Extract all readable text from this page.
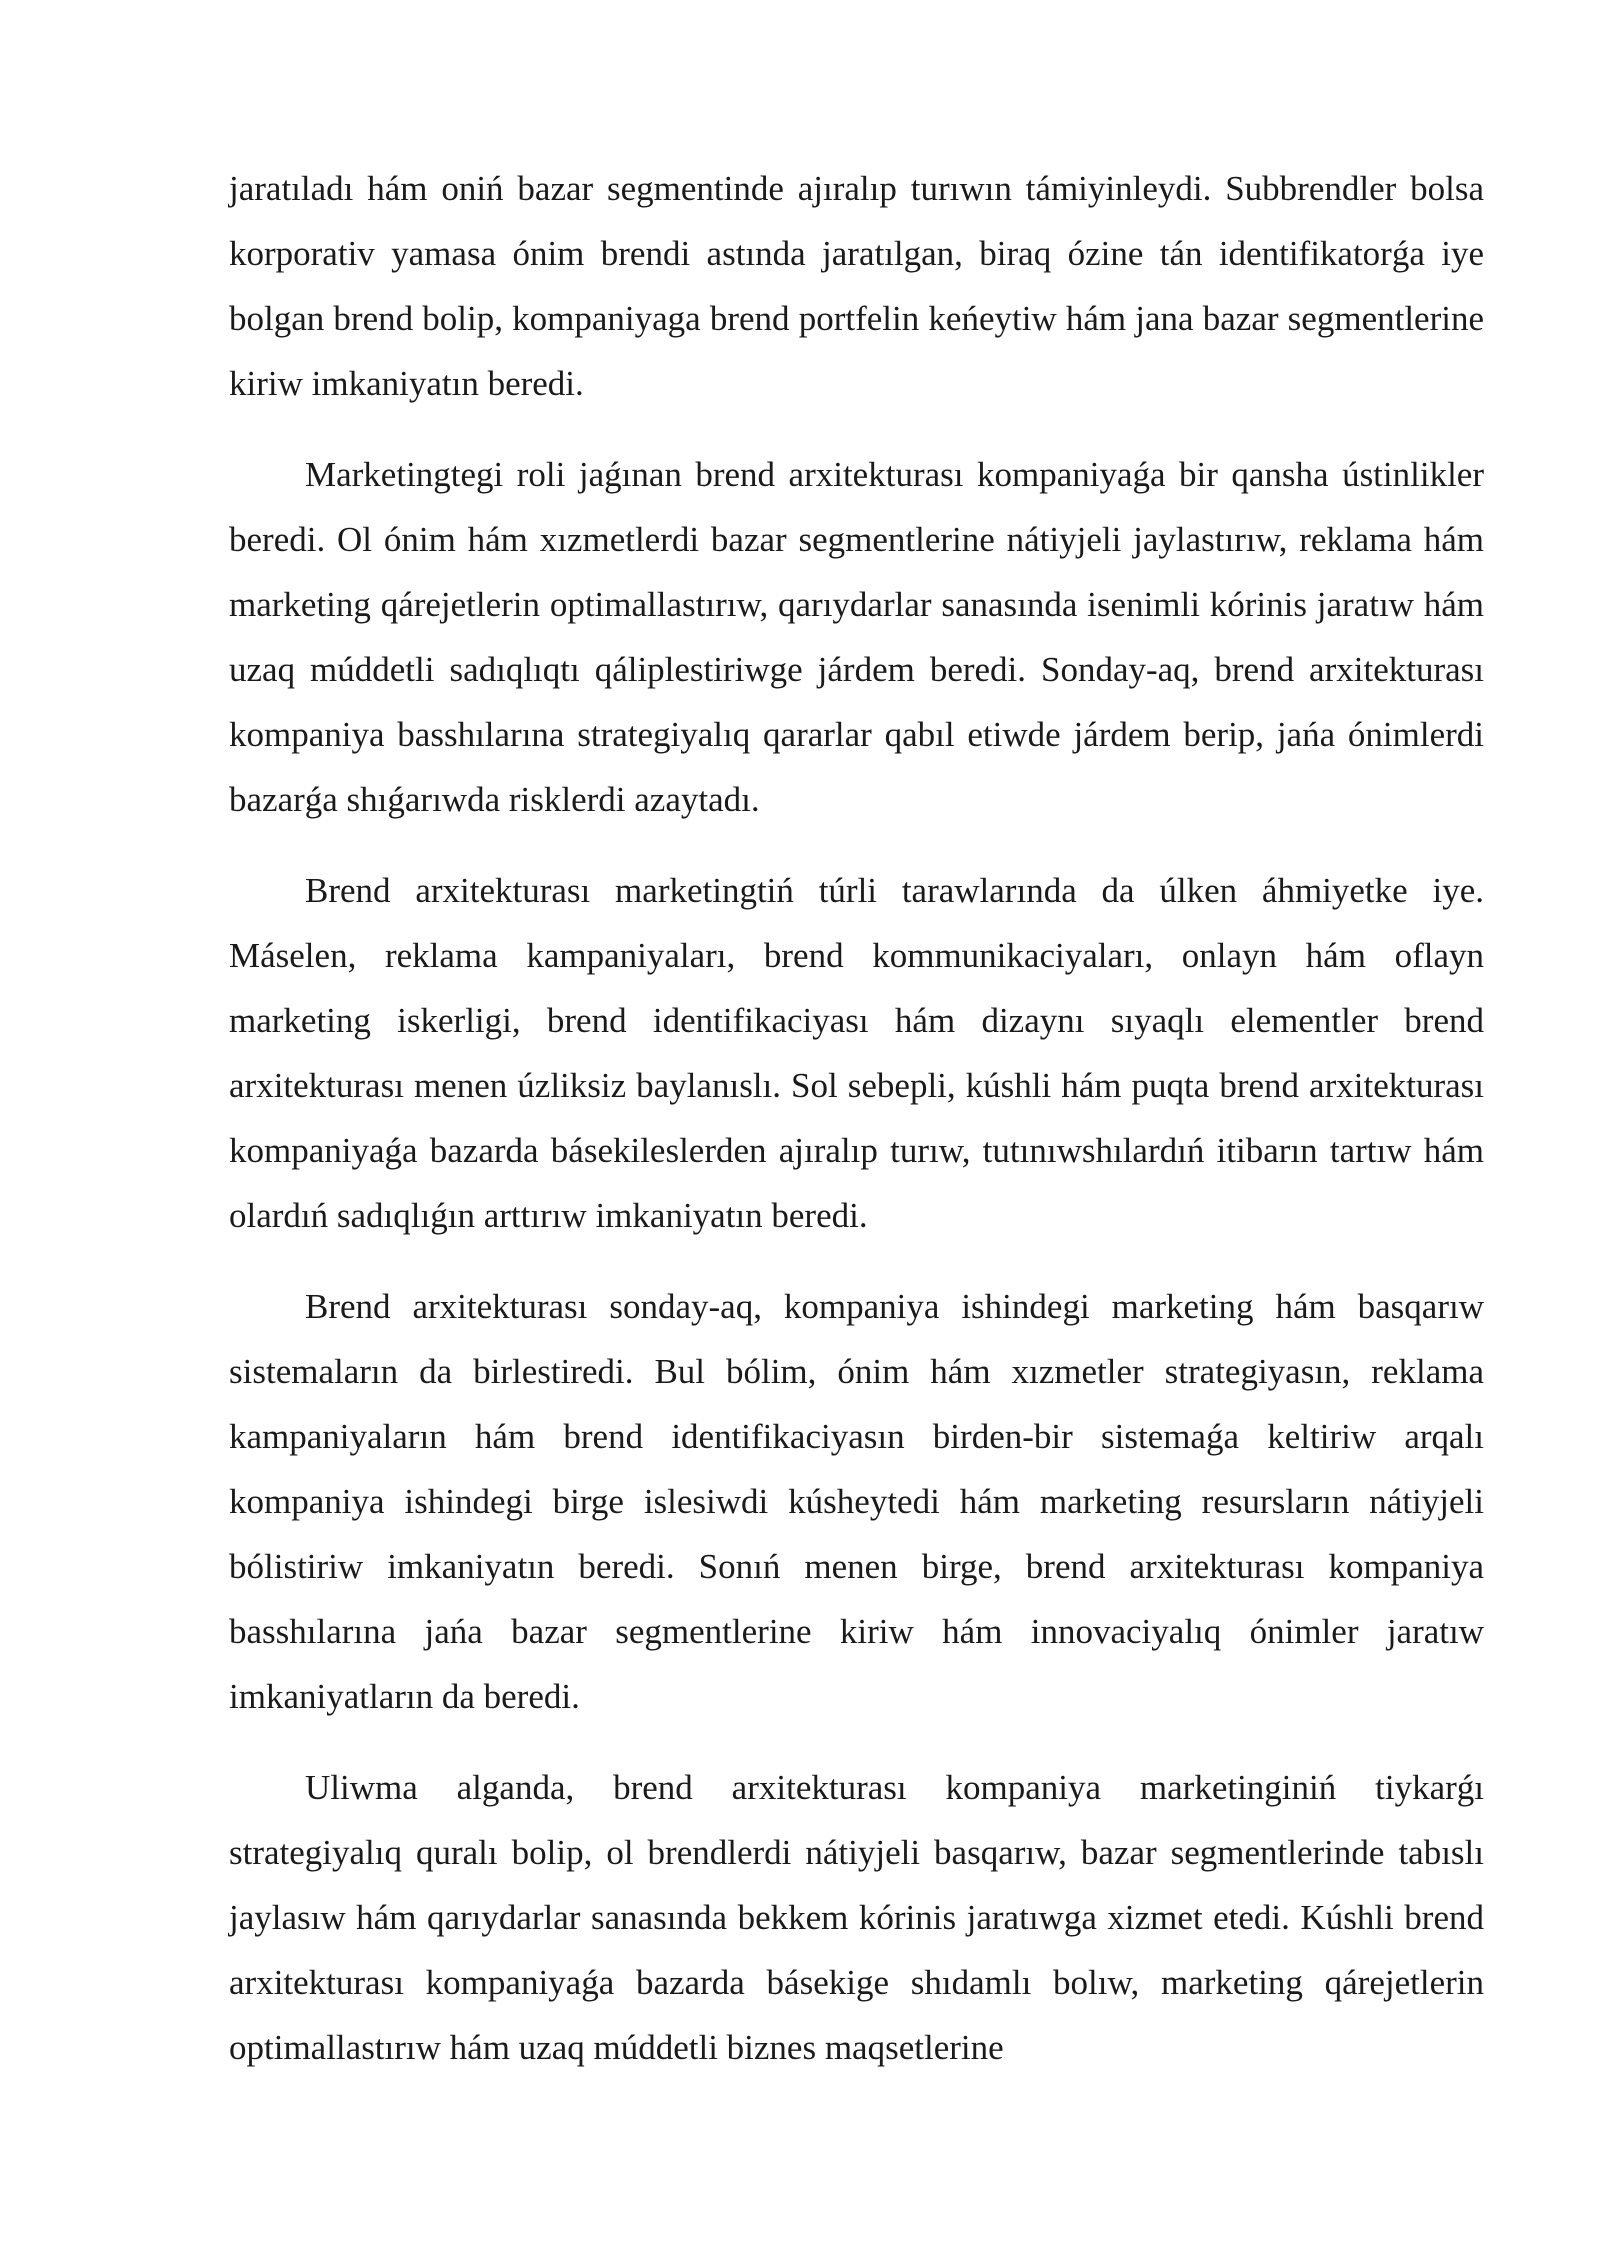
jaratıladı hám oniń bazar segmentinde ajıralıp turıwın támiyinleydi. Subbrendler bolsa korporativ yamasa ónim brendi astında jaratılgan, biraq ózine tán identifikatorǵa iye bolgan brend bolip, kompaniyaga brend portfelin keńeytiw hám jana bazar segmentlerine kiriw imkaniyatın beredi.

Marketingtegi roli jaǵınan brend arxitekturası kompaniyaǵa bir qansha ústinlikler beredi. Ol ónim hám xızmetlerdi bazar segmentlerine nátiyjeli jaylastırıw, reklama hám marketing qárejetlerin optimallastırıw, qarıydarlar sanasında isenimli kórinis jaratıw hám uzaq múddetli sadıqlıqtı qáliplestiriwge járdem beredi. Sonday-aq, brend arxitekturası kompaniya basshılarına strategiyalıq qararlar qabıl etiwde járdem berip, jańa ónimlerdi bazarǵa shıǵarıwda risklerdi azaytadı.

Brend arxitekturası marketingtiń túrli tarawlarında da úlken áhmiyetke iye. Máselen, reklama kampaniyaları, brend kommunikaciyaları, onlayn hám oflayn marketing iskerligi, brend identifikaciyası hám dizaynı sıyaqlı elementler brend arxitekturası menen úzliksiz baylanıslı. Sol sebepli, kúshli hám puqta brend arxitekturası kompaniyaǵa bazarda básekileslerden ajıralıp turıw, tutınıwshılardıń itibarın tartıw hám olardıń sadıqlıǵın arttırıw imkaniyatın beredi.

Brend arxitekturası sonday-aq, kompaniya ishindegi marketing hám basqarıw sistemaların da birlestiredi. Bul bólim, ónim hám xızmetler strategiyasın, reklama kampaniyaların hám brend identifikaciyasın birden-bir sistemaǵa keltiriw arqalı kompaniya ishindegi birge islesiwdi kúsheytedi hám marketing resursların nátiyjeli bólistiriw imkaniyatın beredi. Sonıń menen birge, brend arxitekturası kompaniya basshılarına jańa bazar segmentlerine kiriw hám innovaciyalıq ónimler jaratıw imkaniyatların da beredi.

Uliwma alganda, brend arxitekturası kompaniya marketinginiń tiykarǵı strategiyalıq quralı bolip, ol brendlerdi nátiyjeli basqarıw, bazar segmentlerinde tabıslı jaylasıw hám qarıydarlar sanasında bekkem kórinis jaratıwga xizmet etedi. Kúshli brend arxitekturası kompaniyaǵa bazarda básekige shıdamlı bolıw, marketing qárejetlerin optimallastırıw hám uzaq múddetli biznes maqsetlerine
